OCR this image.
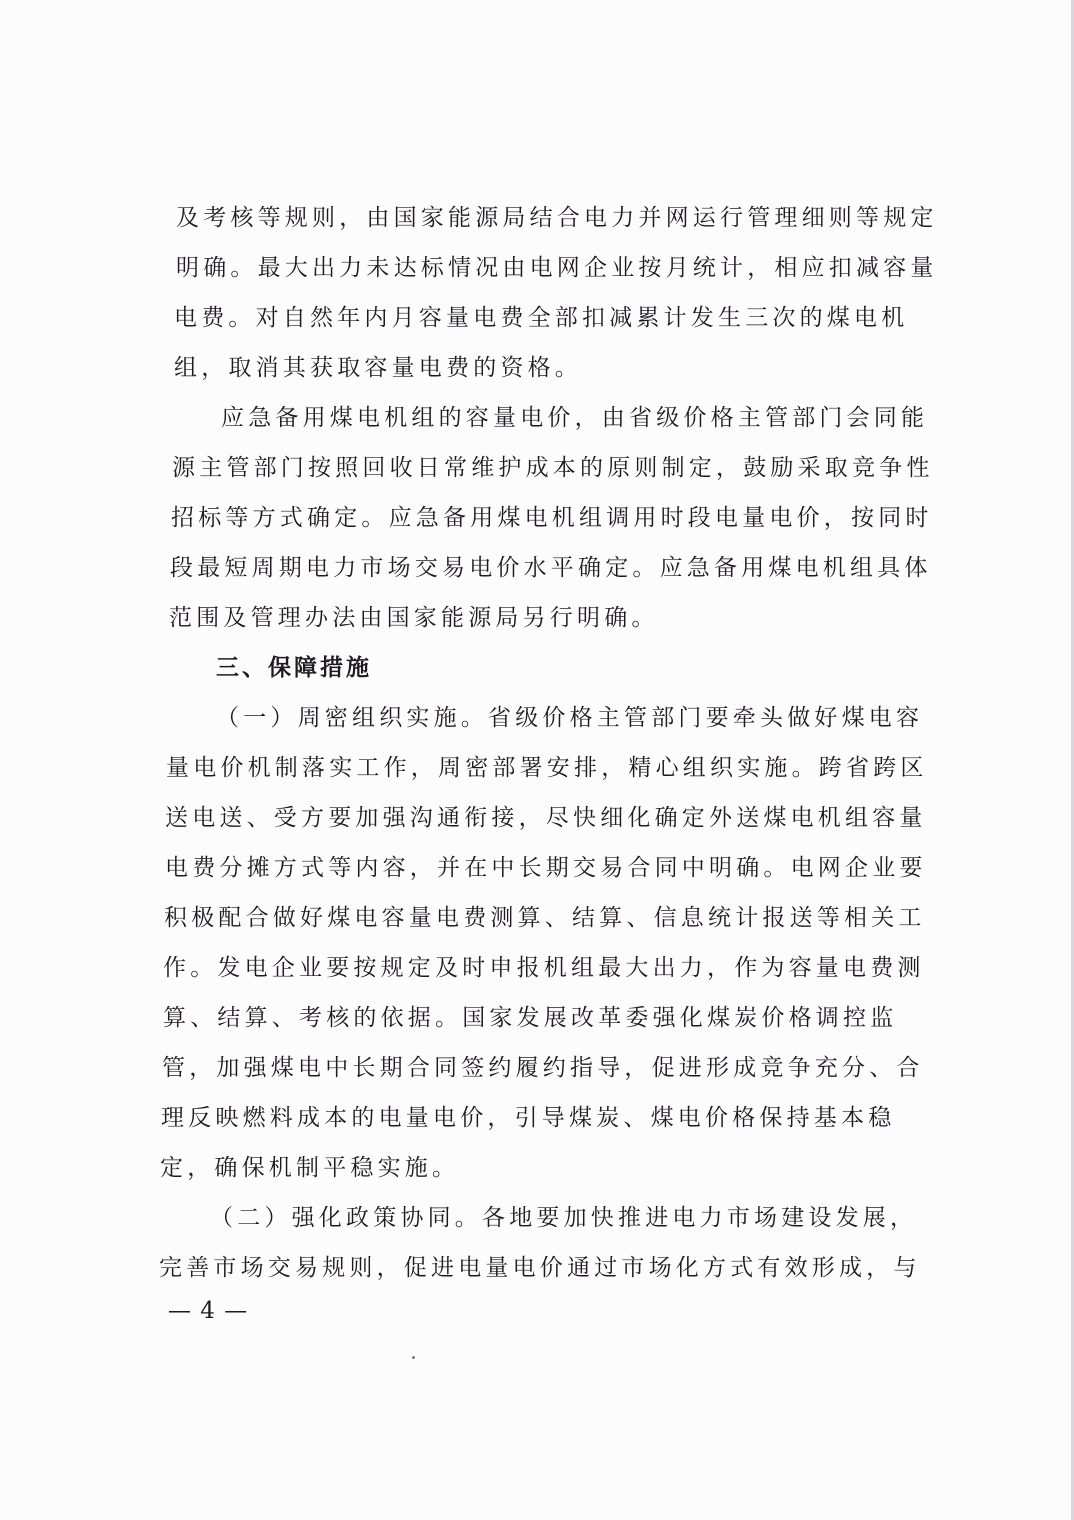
及考核等规则，由国家能源局结合电力并网运行管理细则等规定
明确。最大出力未达标情况由电网企业按月统计，相应扣减容量
电费。对自然年内月容量电费全部扣减累计发生三次的煤电机
组，取消其获取容量电费的资格。
应急备用煤电机组的容量电价，由省级价格主管部门会同能
源主管部门按照回收日常维护成本的原则制定，鼓励采取竞争性
招标等方式确定。应急备用煤电机组调用时段电量电价，按同时
段最短周期电力市场交易电价水平确定。应急备用煤电机组具体
范围及管理办法由国家能源局另行明确。
三、保障措施
（一）周密组织实施。省级价格主管部门要牵头做好煤电容
量电价机制落实工作，周密部署安排，精心组织实施。跨省跨区
送电送、受方要加强沟通衔接，尽快细化确定外送煤电机组容量
电费分摊方式等内容，并在中长期交易合同中明确。电网企业要
积极配合做好煤电容量电费测算、结算、信息统计报送等相关工
作。发电企业要按规定及时申报机组最大出力，作为容量电费测
算、结算、考核的依据。国家发展改革委强化煤炭价格调控监
管，加强煤电中长期合同签约履约指导，促进形成竞争充分、合
理反映燃料成本的电量电价，引导煤炭、煤电价格保持基本稳
定，确保机制平稳实施。
（二）强化政策协同。各地要加快推进电力市场建设发展，
完善市场交易规则，促进电量电价通过市场化方式有效形成，与
— 4 —
